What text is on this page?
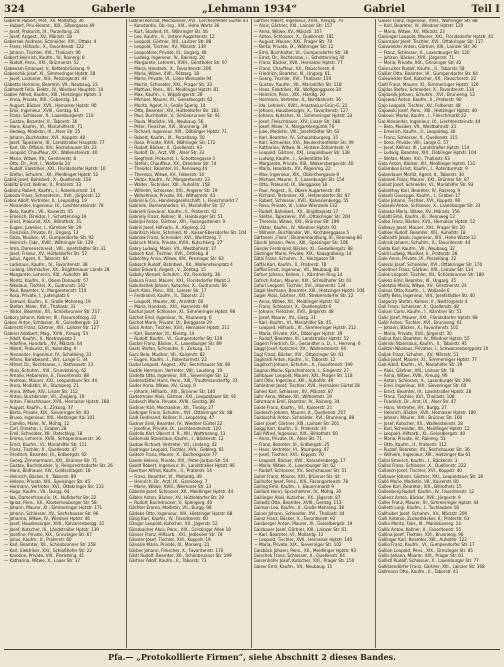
324	Gaberle	„Lehmann 1934“	Gabriel	Teil I
Gaberle Hubert, Prof., XII. Malfattig. 36
— Hubert, Priv.-Beamt., XIX., Silbergasse 49
— Josef, Prokurist, IX., Porzellang. 24
— Josef, Angest., XV., Märzstr. 18
Gabersek Andreas, Schneider, XVI., Ottakr. 4
— Franz, Hilfsarb., X., Favoritenstr. 122
— Johann, Tischler, XVI., Thaliastr. 96
Gabert Heinrich, Kaufm., IV., Rainerg. 8
— Rudolf, Pens., XXI., Brünnerstr. 52
Gabesam Emanuel, V., Kettenbrückeng. 9
Gabeschik Josef, XI., Simmeringer Hptstr. 58
— Josef, Lackierer, XIII., Penzingerstr. 44
Gabetta Hermine, Beamtin, VII., Neubaug. 23
Gabhardt Felix, Elektr., IV., Wiedner Hauptstr. 14
Gabler Alfred, Kaufm., XIII., Hietzinger Hptstr. 3
— Anna, Private, XIX., Cobenzlg. 14
— August, Bäcker, XVII., Hernalser Hptstr. 90
— Emil, Ingenieur, XVIII., Gentzg. 61
— Franz, Schlosser, X., Laxenburgerstr. 110
— Gustav, Beamter, II., Taborstr. 36
— Hans, Kaufm., VI., Mariahilferstr. 71
— Hedwig, Modistin, IX., Alser Str. 25
— Johann, Buchhalter, XVI., Koppstr. 48
— Josef, Tapezierer, III., Landstraßer Hauptstr. 77
— Karl, Ob.-Offizial, XIV., Sechshauser Str. 23
— Leopold, Chauffeur, XX., Wallensteinstr. 40
— Maria, Witwe, XV., Gerstnerstr. 8
— Otto, Dr., Arzt, I., Wollzeile 24
— Rudolf, Elektriker, XXI., Floridsdorfer Hptstr. 16
— Stefan, Schuhm., XII., Meidlinger Hptstr. 52
Gablik Josef, Bahnbed., X., Quellenstr. 158
Gablitz Ernst, Kellner, II., Praterstr. 33
Gablonz Robert, Kaufm., I., Rotenturmstr. 14
Gaboda Franz, Schneiderm., XVII., Jörgerstr. 12
Gabor Adolf, Vertreter, II., Leopoldsg. 19
— Alexander, Ingenieur, IX., Liechtensteinstr. 78
— Bela, Kaufm., VII., Kaiserstr. 45
— Emerich, Direktor, I., Schottenring 19
— Ernst, Prokurist, XIX., Billrothstr. 31
— Eugen, Juwelier, I., Kärntner Str. 29
— Franziska, Private, III., Ungarg. 13
— Géza, Musiker, VI., Gumpendorfer Str. 92
— Heinrich, Fabr., XVIII., Währinger Str. 139
— Irma, Damenschneid., VIII., Josefstädter Str. 31
— Josef, Friseur, XV., Hütteldorfer Str. 57
— Julius, Agent, II., Taborstr. 64
— Ladislaus, Kaufm., IV., Favoritenstr. 38
— Ludwig, Uhrmacher, XX., Brigittenauer Lände 28
— Margarete, Lehrerin, XIII., Auhofstr. 86
— Moritz, Kaufm., II., Obere Donaustr. 57
— Nikolaus, Tischler, X., Gudrunstr. 142
— Paul, Beamter, V., Margaretenstr. 114
— Rosa, Private, I., Judenplatz 6
— Samuel, Kaufm., II., Große Mohreng. 19
— Stefan, Maler, XVI., Thaliastr. 31
— Viktor, Beamter, XII., Schönbrunner Str. 217
Gabory Johann, Kellner, III., Rasumofskyg. 22
Gabos Anton, Schlosser, XI., Geiselbergstr. 33
Gabrecht Franz, Gärtner, XIII., Lainzer Str. 127
Gabriel Adalbert, Mag., XVIII., Kreuzg. 54
— Adolf, Kaufm., II., Nestroyplatz 1
— Adolfine, Handarb., XV., Märzstr. 64
— Albert, Prokurist, III., Kolonitzg. 9
— Alexander, Ingenieur, IV., Schelleing. 33
— Alfons, Bankbeamt., VIII., Lange G. 34
— Alfred, Dr., Rechtsanw., I., Rathausstr. 13
— Alois, Schuhm., XVI., Grundsteing. 62
— Amalie, Hebamme, X., Favoritenstr. 88
— Andreas, Maurer, XXI., Leopoldauer Str. 44
— Anna, Modistin, VI., Stumperg. 21
— Anna, Witwe, XIV., Linzer Str. 112
— Anton, Buchbinder, VII., Zieglerg. 19
— Anton, Fleischhauer, XVII., Hernalser Hptstr. 168
— August, Kaufm., II., Zirkusg. 37
— Berta, Private, XIX., Sieveringer Str. 83
— Bruno, Ingenieur, XIII., Hietzinger Kai 101
— Camillo, Maler, IV., Mühlg. 12
— Carl, Direktor, I., Graben 28
— Emil, Schneider, XII., Ratschkyg. 18
— Emma, Lehrerin, XVIII., Schopenhauerstr. 36
— Ernst, Kaufm., VI., Mariahilfer Str. 111
— Franz, Tischler, X., Quellenstr. 47
— Friedrich, Beamter, III., Erdbergstr. 92
— Georg, Zimmermann, XXI., Brünner Str. 71
— Gustav, Buchdrucker, V., Reinprechtsdorfer Str. 26
— Hans, Bildhauer, XIV., Goldschlagstr. 18
— Heinrich, Bäcker, II., Taborstr. 89
— Helene, Private, XIII., Speisinger Str. 45
— Hermann, Vertreter, XVI., Ottakringer Str. 133
— Hugo, Kaufm., VII., Burgg. 64
— Ida, Damenfriseurin, IX., Nußdorfer Str. 22
— Ignaz, Pens., XX., Klosterneuburger Str. 58
— Johann, Maurer, XI., Simmeringer Hptstr. 171
— Johann, Schlosser, XV., Sechshauser Str. 96
— Johanna, Witwe, IV., Wiedner Hptstr. 46
— Josef, Hausbesorger, XVII., Kalvarienbergg. 31
— Josef, Kutscher, III., Landstraßer Hptstr. 139
— Josefine, Private, XIX., Grinzinger Str. 67
— Julius, Kaufm., II., Praterstr. 60
— Karl, Beamter, XII., Schönbrunner Str. 258
— Karl, Elektriker, XXI., Schloßhofer Str. 22
— Karoline, Private, VIII., Piaristeng. 41
— Katharina, Witwe, X., Laaer Str. 37
Gabriel Konrad, Mechaniker, XVI., Lerchenfelder Gürtel 43
— Konstantin, Ob.-Ing., XIX., Hohe Warte 36
— Kurt, Student, IX., Währinger Str. 56
— Leo, Kaufm., II., Untere Augartenstr. 12
— Leopold, Gärtner, XIII., Lainzer Str. 88
— Leopold, Tischler, XV., Märzstr. 139
— Leopoldine, Private, III., Ungarg. 48
— Ludwig, Ingenieur, IV., Rainerg. 20
— Margarete, Lehrerin, XVIII., Gersthofer Str. 97
— Maria, Handarb., X., Favoritenstr. 206
— Maria, Witwe, XVII., Rötzerg. 18
— Marie, Private, VI., Linke Wienzeile 94
— Martin, Schneider, XXI., Prager Str. 33
— Mathias, Pens., XII., Meidlinger Hptstr. 81
— Max, Kaufm., I., Wipplingerstr. 28
— Michael, Maurer, XI., Geiselbergstr. 62
— Moritz, Agent, II., Große Sperlg. 14
— Otto, Beamter, XIV., Hütteldorfer Str. 183
— Paul, Buchhalter, V., Schönbrunner Str. 91
— Paula, Modistin, VII., Neubaug. 56
— Peter, Fleischer, XVI., Brunneng. 39
— Richard, Ingenieur, XIX., Döblinger Hptstr. 71
— Robert, Kaufm., IX., Porzellang. 50
— Rosa, Private, XVIII., Währinger Str. 172
— Rudolf, Bäcker, X., Quellenstr. 93
— Rudolf, Dr., Arzt, VIII., Alser Str. 33
— Siegfried, Prokurist, I., Schottengasse 3
— Stefan, Chauffeur, XX., Dresdner Str. 74
— Theodor, Beamter, III., Rennweg 44
— Theresia, Witwe, XV., Felberstr. 16
— Viktor, Kaufm., IV., Margaretenstr. 22
— Walter, Techniker, XIII., Auhofstr. 158
— Wilhelm, Schlosser, XXI., Angerer Str. 19
— Wilhelmine, Private, XII., Wilhelmstr. 43
Gabriel & Co., Handelsgesellschaft, I., Fleischmarkt 7
Gabriele, Damenmoden, VI., Mariahilfer Str. 57
Gabrielli Giovanni, Kaufm., II., Praterstr. 42
Gabriely Franz, Kellner, III., Hainburger Str. 51
Gabrijel Anton, Gärtner, XIII., Fasangartenstr. 9
Gabris Josef, Hilfsarb., X., Keplerg. 23
Gabritsch Hans, Schmied, XI., Kaiser-Ebersdorfer Str. 104
Gabrsek Franz, Schneider, XVI., Wurlitzerg. 7
Gabruch Maria, Private, XVIII., Kutschkerg. 27
Gabry Ludwig, Maler, VII., Westbahnstr. 37
Gabsch Karl, Tischler, XVII., Ortliebg. 8
Gabschky Anna, Witwe, XIV., Penzinger Str. 63
Gabssch Rudolf, Bahnbed., XX., Wallensteinplatz 4
Gabsi Eduard, Angest., V., Zentag. 15
Gabsky Wenzel, Schuhm., XV., Reindorfg. 38
Gabura Franz, Maurer, XXI., Floridsdorfer Markt 3
Gabutschek Johann, Kutscher, X., Gudrunstr. 66
Gach Alois, Pens., XIII., Lainzer Str. 17
— Ferdinand, Kaufm., II., Taborstr. 21
— Leopold, Maurer, XII., Arndtstr. 60
— Maria, Handarb., XVI., Hasnerstr. 90
Gachal Josef, Schlosser, XI., Simmeringer Hptstr. 98
Gachet Emil, Ingenieur, IV., Paulanerg. 6
Gachot Marie, Private, IX., Berggasse 29
Gack Anton, Tischler, XVII., Hernalser Hptstr. 211
— Karl, Beamter, III., Kleistg. 14
— Rudolf, Kaufm., VI., Gumpendorfer Str. 129
Gackel Franz, Bäcker, X., Laxenburger Str. 89
Gacki Stefan, Schneider, II., Zirkusg. 11
Gacs Bela, Musiker, VII., Kaiserstr. 82
— Eugen, Kaufm., I., Rotenturmstr. 22
Gadal Leopold, Angest., XIV., Sechshauser Str. 80
Gadde Hermann, Vertreter, VIII., Laudong. 19
Gadella Otto, Ingenieur, XIX., Sieveringer Str. 12
Gadenstätter Hans, Pens., XIII., Trauttmansdorffg. 31
Gader Anna, Witwe, XV., Gasg. 9
— Johann, Hilfsarb., XXI., Brünner Str. 140
Gadermaier Alois, Gärtner, XXI., Leopoldauer Str. 91
Gadesch Maria, Private, XVIII., Gentzg. 88
Gadiner Karl, Mechaniker, XII., Tivolig. 27
Gadinger Franz, Schuhm., XVI., Ottakringer Str. 88
Gadl Ferdinand, Kellner, II., Leopoldsg. 47
Gadner Emil, Beamter, IV., Wiedner Gürtel 22
— Josefine, Private, IX., Liechtensteinstr. 120
Gadolla Karl, Oberst d. R., XIII., Wattmanng. 11
Gadomski Stanislaus, Kaufm., I., Bäckerstr. 12
Gadow Richard, Vertreter, VII., Lindeng. 42
Gadringer Leopold, Tischler, XVII., Geblerg. 61
Gadsch Franz, Maurer, X., Buchengasse 77
Gaede Helene, Private, XIX., Peter-Jordan-Str. 54
Gaedt Robert, Ingenieur, III., Landstraßer Hptstr. 96
Gaertner Alfred, Kaufm., II., Praterstr. 14
— Franz, Beamter, VI., Mollardg. 49
— Heinrich, Dr., Arzt, IX., Garnisong. 7
— Marie, Witwe, XVIII., Weimarer Str. 33
Gäberle Josef, Schlosser, XII., Meidlinger Hptstr. 44
Gäbler Anton, Bäcker, XV., Hütteldorfer Str. 29
— Rudolf, Buchdrucker, V., Spengerg. 40
Gächter Emma, Modistin, VII., Burgg. 98
Gädeke Otto, Ingenieur, XIII., Hietzinger Hptstr. 68
Gäng Karl, Kaufm., IV., Favoritenstr. 60
Gänger Leopold, Kutscher, XX., Jägerstr. 52
Gänsbacher Alois, Pens., XIX., Grinzinger Allee 18
Gänser Franz, Hilfsarb., XXI., Jedleseer Str. 74
Gänsler Josef, Tischler, XVI., Koppstr. 19
Gänssle Maria, Private, III., Marxerg. 21
Gärber Johann, Fleischer, X., Favoritenstr. 170
Gärtl Rudolf, Beamter, XII., Schönbrunner Str. 199
Gärtner Adolf, Kaufm., II., Taborstr. 73
Gärtner Albert, Ingenieur, XVIII., Kreuzg. 70
— Alois, Gärtner, XIII., Lainzer Str. 157
— Anna, Witwe, XV., Märzstr. 107
— Anton, Schlosser, X., Quellenstr. 181
— August, Maurer, XXI., Prager Str. 78
— Berta, Private, IX., Währinger Str. 12
— Emil, Buchhalter, VI., Gumpendorfer Str. 38
— Ernst, Dr., Rechtsanw., I., Schottenring 30
— Franz, Bäcker, XVII., Hernalser Hptstr. 77
— Franz, Chauffeur, XX., Rauscherstr. 8
— Friedrich, Beamter, III., Ungarg. 61
— Georg, Tischler, XVI., Thaliastr. 150
— Gustav, Kaufm., VII., Mariahilfer Str. 118
— Hans, Elektriker, XII., Wolfganggasse 34
— Heinrich, Pens., XIX., Hardtg. 20
— Hermann, Vertreter, II., Nordbahnstr. 36
— Ida, Lehrerin, XVIII., Anastasius-Grün-G. 22
— Johann, Hausbesorger, X., Favoritenstr. 127
— Johann, Kutscher, XI., Simmeringer Hptstr. 33
— Josef, Fleischhauer, XIV., Linzer Str. 188
— Josef, Maler, V., Margaretengürtel 76
— Julie, Modistin, VIII., Josefstädter Str. 62
— Karl, Beamter, IV., Schaumburgerg. 15
— Karl, Schneider, XVI., Neulerchenfelder Str. 49
— Katharina, Witwe, III., Hintere Zollamtsstr. 9
— Leopold, Gärtner, XXI., Leopoldauer Str. 138
— Ludwig, Kaufm., I., Seilerstätte 16
— Margarete, Private, XIII., Wolkersbergenstr. 40
— Maria, Handarb., XV., Pilgerimg. 22
— Max, Ingenieur, XIX., Obkirchergasse 9
— Michael, Maurer, X., Laxenburger Str. 154
— Otto, Prokurist, IX., Berggasse 18
— Paul, Angest., II., Obere Augartenstr. 40
— Richard, Techniker, XII., Hetzendorfer Str. 87
— Robert, Schlosser, XVII., Kalvarienbergg. 55
— Rosa, Private, VI., Linke Wienzeile 132
— Rudolf, Bahnbed., XX., Brigittaplatz 17
— Stefan, Tapezierer, XVI., Ottakringer Str. 204
— Theresia, Witwe, XXI., Brünner Str. 199
— Viktor, Kaufm., IV., Wiedner Hptstr. 91
— Wilhelm, Buchbinder, VII., Kirchberggasse 5
Gärtnerei „Flora“, Blumenhandlung, III., Rennweg 80
Gäschl Johann, Pens., XIII., Speisinger Str. 106
Gässler Ferdinand, Bäcker, XI., Geiselbergstr. 88
Gästinger Marie, Private, XIX., Kaasgrabeng. 14
Gätzi Franz, Schuhm., X., Herzgasse 59
Gaffal Karl, Kaufm., II., Praterstr. 78
Gaffke Ernst, Ingenieur, VII., Neubaug. 80
Gafner Johann, Kellner, I., Kärntner Ring 14
Gafrich Anton, Maurer, XXI., Schloßhofer Str. 61
Gafuri Leopold, Tischler, XVI., Hasnerstr. 134
Gagel Hermann, Beamter, XIII., Hietzinger Hptstr. 104
Gager Alois, Gärtner, XXI., Strebersdorfer Str. 22
— Anna, Witwe, XII., Meidlinger Hptstr. 62
— Franz, Schlosser, X., Quellenplatz 6
— Johann, Fleischer, XVII., Jörgerstr. 48
— Josef, Maurer, XV., Gasg. 31
— Karl, Kaufm., VI., Mariahilfer Str. 45
— Leopold, Hilfsarb., XI., Simmeringer Hptstr. 212
— Maria, Private, XIX., Döblinger Hptstr. 39
— Rudolf, Beamter, III., Landstraßer Hptstr. 52
Gagern Friedrich, Dr., Gesandter a. D., I., Herreng. 6
Gaggl Josef, Kutscher, XX., Wallensteinstr. 64
Gagl Franz, Bäcker, XVI., Ottakringer Str. 61
Gagliardi Anton, Kaufm., II., Taborstr. 12
Gaglitsch Johann, Schuhm., X., Favoritenstr. 199
Gagnon Marie, Sprachlehrerin, I., Singerstr. 27
Gahbauer Leopold, Maurer, XXI., Prager Str. 118
Gahl Otto, Ingenieur, XIII., Auhofstr. 49
Gahleitner Josef, Tischler, XVII., Hernalser Gürtel 28
Gahler Karl, Schlosser, XV., Märzstr. 87
Gahr Anna, Witwe, XII., Wilhelmstr. 19
Gahrmann Emil, Beamter, IV., Rainerg. 34
Gaide Franz, Kaufm., VII., Kaiserstr. 21
Gaidesch Johann, Maurer, X., Quellenstr. 207
Gaidoschik Anton, Schneider, XVI., Brunneng. 88
Gaier Josef, Gärtner, XIII., Lainzer Str. 201
Gaigg Karl, Kaufm., II., Praterstr. 44
Gail Alfred, Ingenieur, XIX., Billrothstr. 60
— Anna, Private, IX., Alser Str. 71
— Franz, Beamter, III., Erdbergstr. 25
— Hans, Vertreter, VI., Stumperg. 47
— Josef, Tischler, XVI., Koppstr. 70
— Leopold, Bäcker, XVII., Kalvarienbergg. 17
— Maria, Witwe, X., Laxenburger Str. 62
— Rudolf, Schlosser, XV., Sechshauser Str. 51
Gailer Franz, Maurer, XXI., Brünner Str. 44
Gailhofer Josef, Pens., XIII., Fasangartenstr. 78
Gailing Emil, Kaufm., I., Bauernmarkt 9
Gaillard Henri, Sprachlehrer, IV., Mühlg. 30
Gaillinger Alois, Kutscher, XX., Jägerstr. 87
Gailwitz Otto, Beamter, XVIII., Gentzg. 113
Gaiman Leo, Kaufm., II., Große Mohreng. 38
Gainer Johann, Schneider, XVI., Thaliastr. 44
Gainz Franz, Bäcker, X., Favoritenstr. 92
Gaisberger Anton, Maurer, XI., Geiselbergstr. 19
Gaisbauer Josef, Gärtner, XIII., Lainzer Str. 61
— Karl, Beamter, VI., Mollardg. 12
— Leopold, Tischler, XVII., Hernalser Hptstr. 140
— Maria, Private, XIX., Sieveringer Str. 102
Gaisböck Johann, Pens., XII., Meidlinger Hptstr. 93
Gaischek Franz, Schlosser, X., Quellenstr. 64
Gaisenhofer Josef, Kutscher, XXI., Prager Str. 150
Gaiser Emil, Kaufm., VII., Neubaug. 11
Gaiser Franz, Ingenieur, XVIII., Währinger Str. 88
— Karl, Beamter, IV., Wiedner Hptstr. 120
— Maria, Witwe, XV., Märzstr. 23
Gaisinger Leopold, Maurer, XXI., Floridsdorfer Hptstr. 41
Gaismaier Josef, Tischler, XVI., Ottakringer Str. 117
Gaiswinkler Anton, Gärtner, XIII., Lainzer Str. 36
— Franz, Schlosser, X., Laxenburger Str. 120
— Johann, Bäcker, XVII., Jörgerstr. 71
— Maria, Private, XIX., Grinzinger Str. 42
Gaisrucker Rudolf, Kaufm., II., Taborstr. 58
Gaißer Otto, Beamter, VI., Gumpendorfer Str. 64
Gaiswinkler Karl, Kutscher, XX., Rauscherstr. 22
Gaitl Franz, Maurer, XI., Simmeringer Hptstr. 126
Gajdos Stefan, Schneider, X., Favoritenstr. 134
Gajdusek Johann, Schuhm., XVI., Brunneng. 12
Gajewski Anton, Kaufm., II., Praterstr. 90
Gajo Leopold, Tischler, XV., Felberstr. 48
Gajowski Josef, Pens., XIII., Hietzinger Hptstr. 40
Gakovic Marko, Kaufm., I., Fleischmarkt 22
Gal Alexander, Ingenieur, IX., Liechtensteinstr. 44
— Bela, Musiker, VII., Westbahnstr. 21
— Emerich, Kaufm., II., Leopoldsg. 30
— Franz, Schlosser, X., Quellenstr. 115
— Ilona, Private, VIII., Lange G. 57
— Josef, Kellner, III., Landstraßer Hptstr. 114
— Ludwig, Beamter, XIX., Döblinger Hptstr. 104
— Stefan, Maler, XVI., Thaliastr. 63
Gala Anton, Bäcker, XII., Meidlinger Hptstr. 131
Galambos Ernst, Kaufm., I., Rotenturmstr. 9
Galandauer Moritz, Agent, II., Taborstr. 30
Galanek Franz, Maurer, XXI., Brünner Str. 87
Galant Josef, Schneider, VI., Mariahilfer Str. 93
Galanthay Karl, Beamter, IV., Rainerg. 9
Galanti Giuseppe, Kaufm., I., Graben 17
Galas Johann, Tischler, XVI., Koppstr. 99
Galasek Anton, Schlosser, X., Laxenburger Str. 33
Galaska Maria, Witwe, XV., Märzstr. 156
Galatti Emil, Kaufm., III., Rennweg 12
Galba Franz, Bäcker, XVII., Hernalser Hptstr. 52
Galbavy Josef, Maurer, XXI., Prager Str. 20
Galbier Rudolf, Beamter, XIII., Auhofstr. 18
Galbraith Jakob, Ingenieur, XIX., Hohe Warte 12
Galcsik Johann, Schuhm., X., Favoritenstr. 44
Galda Karl, Kaufm., VII., Neubaug. 32
Galdi Ludwig, Musiker, II., Praterstr. 28
Gale Anna, Private, IX., Porzellang. 12
Galecki Josef, Schneider, XVI., Ottakringer Str. 170
Galeitner Franz, Gärtner, XIII., Lainzer Str. 114
Galek Leopold, Tischler, XII., Schönbrunner Str. 180
Galenz Emil, Beamter, III., Ungarg. 35
Galetzka Maria, Witwe, XV., Gerstnerstr. 24
Galeus Otto, Kaufm., I., Wollzeile 6
Galffy Bela, Ingenieur, VIII., Josefstädter Str. 40
Galgoczy Stefan, Kellner, II., Nestroyplatz 4
Gali Franz, Schlosser, X., Quellenstr. 48
Galiani Carlo, Kaufm., I., Kärntner Str. 51
Galic Josef, Maurer, XXI., Floridsdorfer Hptstr. 88
Galik Anton, Tischler, XVI., Brunneng. 61
— Johann, Bäcker, X., Favoritenstr. 101
— Maria, Private, XVII., Jörgerstr. 30
Galina Karl, Beamter, IV., Wiedner Hptstr. 55
Galinski Stanislaus, Kaufm., II., Taborstr. 95
Galitzin Nikolaus, Privatier, I., Schwarzenbergplatz 10
Galjak Franz, Schuhm., XV., Märzstr. 51
Galka Josef, Maurer, XI., Simmeringer Hptstr. 77
Gall Adolf, Kaufm., VI., Mariahilfer Str. 29
— Alois, Gärtner, XIII., Lainzer Str. 78
— Anna, Witwe, XVIII., Kreuzg. 90
— Anton, Schlosser, X., Laxenburger Str. 206
— Emil, Ingenieur, XIX., Sieveringer Str. 60
— Ernst, Beamter, III., Landstraßer Hptstr. 28
— Franz, Tischler, XVI., Thaliastr. 108
— Friedrich, Dr., Arzt, IX., Alser Str. 47
— Hans, Vertreter, VII., Burgg. 27
— Heinrich, Bäcker, XVII., Hernalser Hptstr. 180
— Johann, Maurer, XXI., Brünner Str. 160
— Josef, Kutscher, XX., Wallensteinstr. 28
— Karl, Schneider, XII., Meidlinger Hptstr. 12
— Leopold, Hilfsarb., XI., Geiselbergstr. 40
— Maria, Private, IV., Rainerg. 51
— Otto, Kaufm., II., Praterstr. 112
— Rudolf, Beamter, XV., Sechshauser Str. 36
— Wilhelm, Ingenieur, XIII., Hietzinger Kai 61
Gallai Emerich, Kaufm., I., Bäckerstr. 3
Gallas Franz, Schlosser, X., Quellenstr. 222
Gallasch Josef, Tischler, XVI., Koppstr. 40
Gallauer Johann, Gärtner, XXI., Leopoldauer Str. 18
Gallé Marie, Modistin, VII., Kaiserstr. 60
Gallee Karl, Beamter, XIX., Billrothstr. 15
Gallenberg Rudolf, Kaufm., IV., Favoritenstr. 12
Gallenz Anton, Bäcker, XVII., Jörgerstr. 9
Galler Franz, Maurer, XI., Simmeringer Hptstr. 44
Galletti Luigi, Kaufm., I., Tuchlauben 18
Gallhuber Josef, Schuhm., XV., Märzstr. 200
Galli Antonio, Zuckerbäcker, II., Praterstr. 63
Gallia Moritz, Fabr., III., Marokkanerg. 14
Gallik Anton, Kellner, X., Favoritenstr. 55
Gallina Josef, Tischler, XVI., Brunneng. 96
Gallinger Karl, Beamter, XIII., Auhofstr. 122
Gallio Franz, Kaufm., VI., Gumpendorfer Str. 17
Gallion Leopold, Pens., XIX., Grinzinger Str. 85
Gallis Johann, Maurer, XXI., Prager Str. 61
Gallistl Rudolf, Schlosser, X., Laxenburger Str. 77
Gallitzendörfer Franz, Gärtner, XIII., Lainzer Str. 168
Gallmann Otto, Kaufm., II., Taborstr. 41
Pfa.— „Protokollierte Firmen“, siehe Abschnitt 2 dieses Bandes.
